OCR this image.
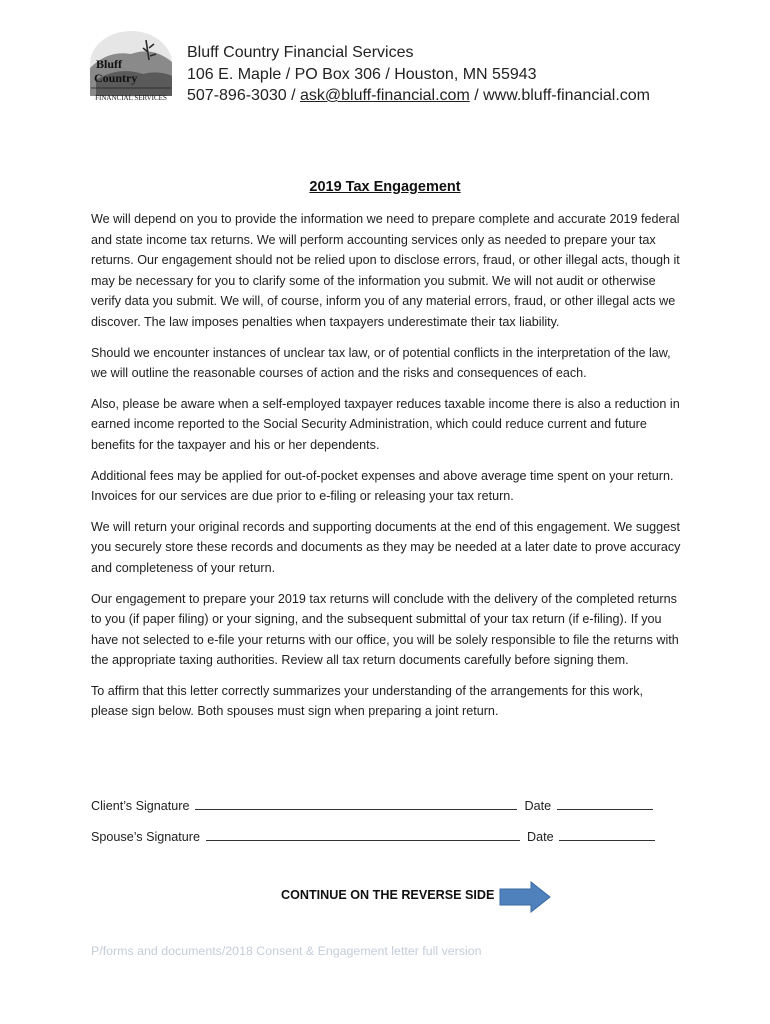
Bluff
Country
FINANCIAL SERVICES
Bluff Country Financial Services
106 E. Maple / PO Box 306 / Houston, MN 55943
507-896-3030 / ask@bluff-financial.com / www.bluff-financial.com
2019 Tax Engagement

We will depend on you to provide the information we need to prepare complete and accurate 2019 federal and state income tax returns. We will perform accounting services only as needed to prepare your tax returns. Our engagement should not be relied upon to disclose errors, fraud, or other illegal acts, though it may be necessary for you to clarify some of the information you submit. We will not audit or otherwise verify data you submit. We will, of course, inform you of any material errors, fraud, or other illegal acts we discover. The law imposes penalties when taxpayers underestimate their tax liability.

Should we encounter instances of unclear tax law, or of potential conflicts in the interpretation of the law, we will outline the reasonable courses of action and the risks and consequences of each.

Also, please be aware when a self-employed taxpayer reduces taxable income there is also a reduction in earned income reported to the Social Security Administration, which could reduce current and future benefits for the taxpayer and his or her dependents.

Additional fees may be applied for out-of-pocket expenses and above average time spent on your return. Invoices for our services are due prior to e-filing or releasing your tax return.

We will return your original records and supporting documents at the end of this engagement. We suggest you securely store these records and documents as they may be needed at a later date to prove accuracy and completeness of your return.

Our engagement to prepare your 2019 tax returns will conclude with the delivery of the completed returns to you (if paper filing) or your signing, and the subsequent submittal of your tax return (if e-filing). If you have not selected to e-file your returns with our office, you will be solely responsible to file the returns with the appropriate taxing authorities. Review all tax return documents carefully before signing them.

To affirm that this letter correctly summarizes your understanding of the arrangements for this work, please sign below. Both spouses must sign when preparing a joint return.

Client’s Signature	Date
Spouse’s Signature	Date
CONTINUE ON THE REVERSE SIDE
P/forms and documents/2018 Consent & Engagement letter full version
